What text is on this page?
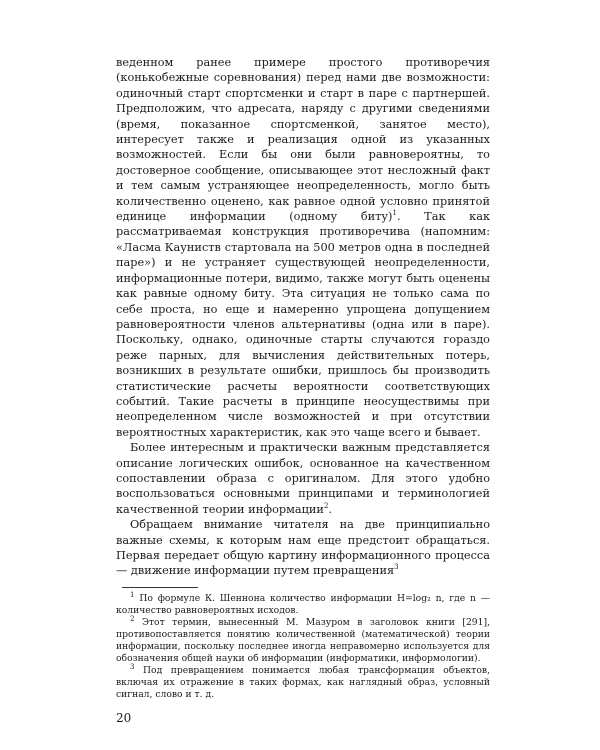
веденном ранее примере простого противоречия (конькобежные соревнования) перед нами две возможности: одиночный старт спортсменки и старт в паре с партнершей. Предположим, что адресата, наряду с другими сведениями (время, показанное спортсменкой, занятое место), интересует также и реализация одной из указанных возможностей. Если бы они были равновероятны, то достоверное сообщение, описывающее этот несложный факт и тем самым устраняющее неопределенность, могло быть количественно оценено, как равное одной условно принятой единице информации (одному биту)$^1$. Так как рассматриваемая конструкция противоречива (напомним: «Ласма Кауниств стартовала на 500 метров одна в последней паре») и не устраняет существующей неопределенности, информационные потери, видимо, также могут быть оценены как равные одному биту. Эта ситуация не только сама по себе проста, но еще и намеренно упрощена допущением равновероятности членов альтернативы (одна или в паре). Поскольку, однако, одиночные старты случаются гораздо реже парных, для вычисления действительных потерь, возникших в результате ошибки, пришлось бы производить статистические расчеты вероятности соответствующих событий. Такие расчеты в принципе неосуществимы при неопределенном числе возможностей и при отсутствии вероятностных характеристик, как это чаще всего и бывает.

Более интересным и практически важным представляется описание логических ошибок, основанное на качественном сопоставлении образа с оригиналом. Для этого удобно воспользоваться основными принципами и терминологией качественной теории информации$^2$.

Обращаем внимание читателя на две принципиально важные схемы, к которым нам еще предстоит обращаться. Первая передает общую картину информационного процесса — движение информации путем превращения$^3$

$^1$ По формуле К. Шеннона количество информации H=log₂ n, где n — количество равновероятных исходов.

$^2$ Этот термин, вынесенный М. Мазуром в заголовок книги [291], противопоставляется понятию количественной (математической) теории информации, поскольку последнее иногда неправомерно используется для обозначения общей науки об информации (информатики, информологии).

$^3$ Под превращением понимается любая трансформация объектов, включая их отражение в таких формах, как наглядный образ, условный сигнал, слово и т. д.

20
